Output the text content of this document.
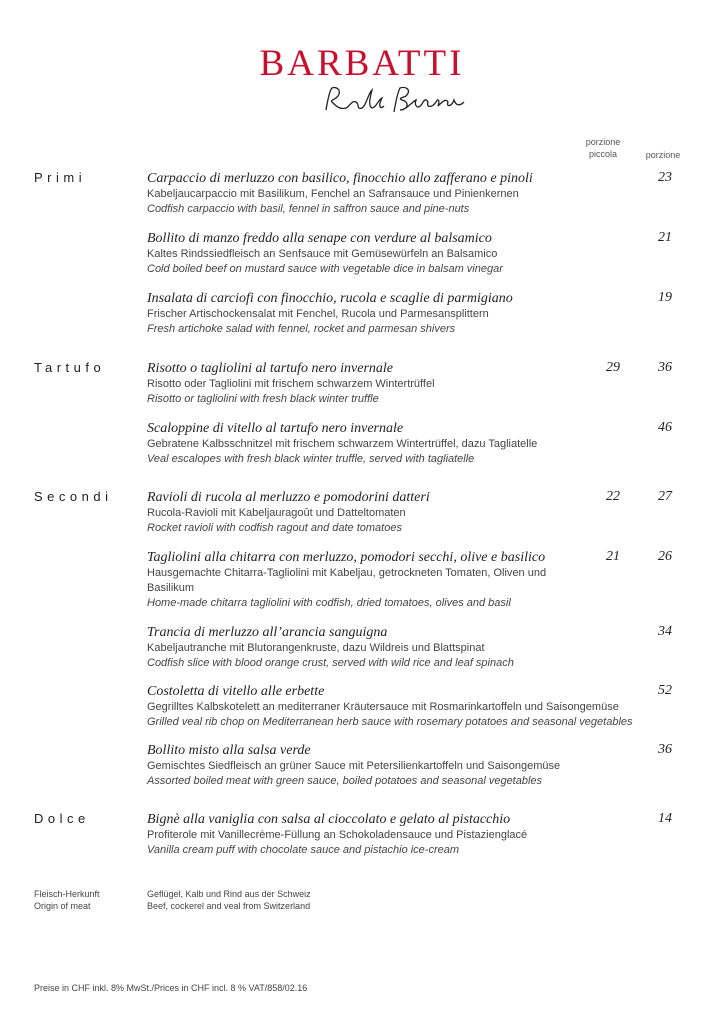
BARBATTI
porzione
piccola	porzione
Primi
Tartufo
Secondi
Dolce
Carpaccio di merluzzo con basilico, finocchio allo zafferano e pinoli
Kabeljaucarpaccio mit Basilikum, Fenchel an Safransauce und Pinienkernen
Codfish carpaccio with basil, fennel in saffron sauce and pine-nuts
23
Bollito di manzo freddo alla senape con verdure al balsamico
Kaltes Rindssiedfleisch an Senfsauce mit Gemüsewürfeln an Balsamico
Cold boiled beef on mustard sauce with vegetable dice in balsam vinegar
21
Insalata di carciofi con finocchio, rucola e scaglie di parmigiano
Frischer Artischockensalat mit Fenchel, Rucola und Parmesansplittern
Fresh artichoke salad with fennel, rocket and parmesan shivers
19
Risotto o tagliolini al tartufo nero invernale
Risotto oder Tagliolini mit frischem schwarzem Wintertrüffel
Risotto or tagliolini with fresh black winter truffle
29	36
Scaloppine di vitello al tartufo nero invernale
Gebratene Kalbsschnitzel mit frischem schwarzem Wintertrüffel, dazu Tagliatelle
Veal escalopes with fresh black winter truffle, served with tagliatelle
46
Ravioli di rucola al merluzzo e pomodorini datteri
Rucola-Ravioli mit Kabeljauragoût und Datteltomaten
Rocket ravioli with codfish ragout and date tomatoes
22	27
Tagliolini alla chitarra con merluzzo, pomodori secchi, olive e basilico
Hausgemachte Chitarra-Tagliolini mit Kabeljau, getrockneten Tomaten, Oliven und Basilikum
Home-made chitarra tagliolini with codfish, dried tomatoes, olives and basil
21	26
Trancia di merluzzo all’arancia sanguigna
Kabeljautranche mit Blutorangenkruste, dazu Wildreis und Blattspinat
Codfish slice with blood orange crust, served with wild rice and leaf spinach
34
Costoletta di vitello alle erbette
Gegrilltes Kalbskotelett an mediterraner Kräutersauce mit Rosmarinkartoffeln und Saisongemüse
Grilled veal rib chop on Mediterranean herb sauce with rosemary potatoes and seasonal vegetables
52
Bollito misto alla salsa verde
Gemischtes Siedfleisch an grüner Sauce mit Petersilienkartoffeln und Saisongemüse
Assorted boiled meat with green sauce, boiled potatoes and seasonal vegetables
36
Bignè alla vaniglia con salsa al cioccolato e gelato al pistacchio
Profiterole mit Vanillecrème-Füllung an Schokoladensauce und Pistazienglacé
Vanilla cream puff with chocolate sauce and pistachio ice-cream
14
Fleisch-Herkunft
Origin of meat
Geflügel, Kalb und Rind aus der Schweiz
Beef, cockerel and veal from Switzerland
Preise in CHF inkl. 8% MwSt./Prices in CHF incl. 8 % VAT/858/02.16
